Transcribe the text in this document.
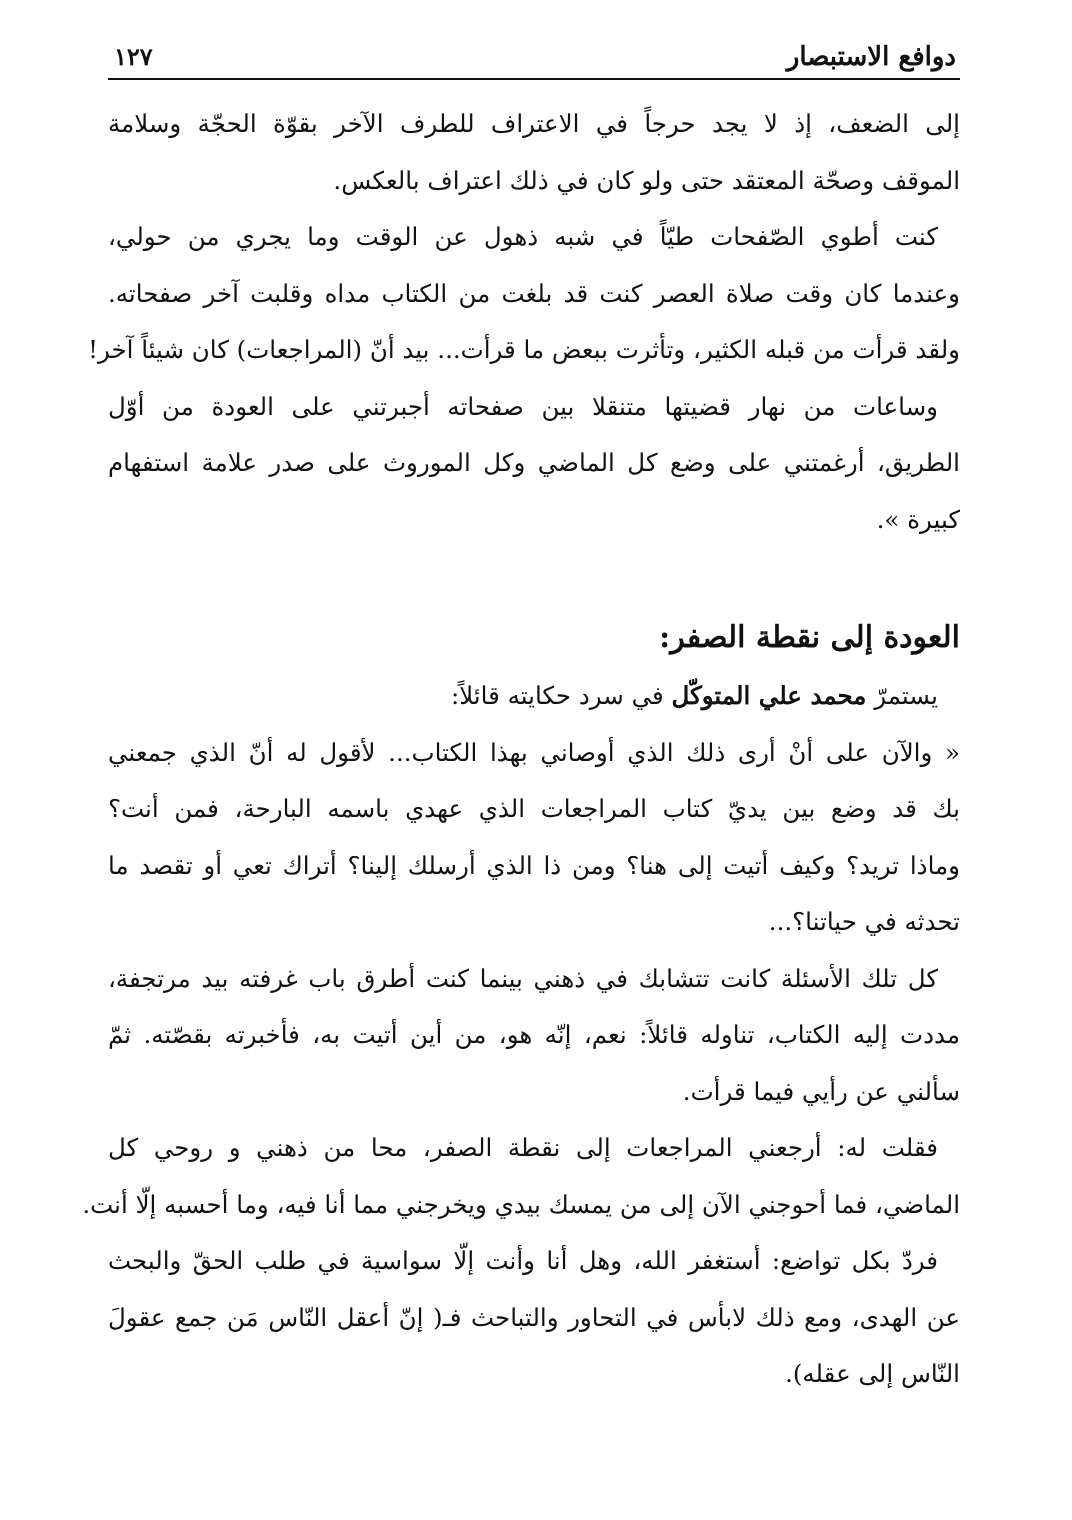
دوافع الاستبصار
١٢٧
إلى الضعف، إذ لا يجد حرجاً في الاعتراف للطرف الآخر بقوّة الحجّة وسلامة
الموقف وصحّة المعتقد حتى ولو كان في ذلك اعتراف بالعكس.
كنت أطوي الصّفحات طيّاً في شبه ذهول عن الوقت وما يجري من حولي،
وعندما كان وقت صلاة العصر كنت قد بلغت من الكتاب مداه وقلبت آخر صفحاته.
ولقد قرأت من قبله الكثير، وتأثرت ببعض ما قرأت... بيد أنّ (المراجعات) كان شيئاً آخر!
وساعات من نهار قضيتها متنقلا بين صفحاته أجبرتني على العودة من أوّل
الطريق، أرغمتني على وضع كل الماضي وكل الموروث على صدر علامة استفهام
كبيرة ».
العودة إلى نقطة الصفر:
يستمرّ محمد علي المتوكّل في سرد حكايته قائلاً:
« والآن على أنْ أرى ذلك الذي أوصاني بهذا الكتاب... لأقول له أنّ الذي جمعني
بك قد وضع بين يديّ كتاب المراجعات الذي عهدي باسمه البارحة، فمن أنت؟
وماذا تريد؟ وكيف أتيت إلى هنا؟ ومن ذا الذي أرسلك إلينا؟ أتراك تعي أو تقصد ما
تحدثه في حياتنا؟...
كل تلك الأسئلة كانت تتشابك في ذهني بينما كنت أطرق باب غرفته بيد مرتجفة،
مددت إليه الكتاب، تناوله قائلاً: نعم، إنّه هو، من أين أتيت به، فأخبرته بقصّته. ثمّ
سألني عن رأيي فيما قرأت.
فقلت له: أرجعني المراجعات إلى نقطة الصفر، محا من ذهني و روحي كل
الماضي، فما أحوجني الآن إلى من يمسك بيدي ويخرجني مما أنا فيه، وما أحسبه إلّا أنت.
فردّ بكل تواضع: أستغفر الله، وهل أنا وأنت إلّا سواسية في طلب الحقّ والبحث
عن الهدى، ومع ذلك لابأس في التحاور والتباحث فـ( إنّ أعقل النّاس مَن جمع عقولَ
النّاس إلى عقله).
